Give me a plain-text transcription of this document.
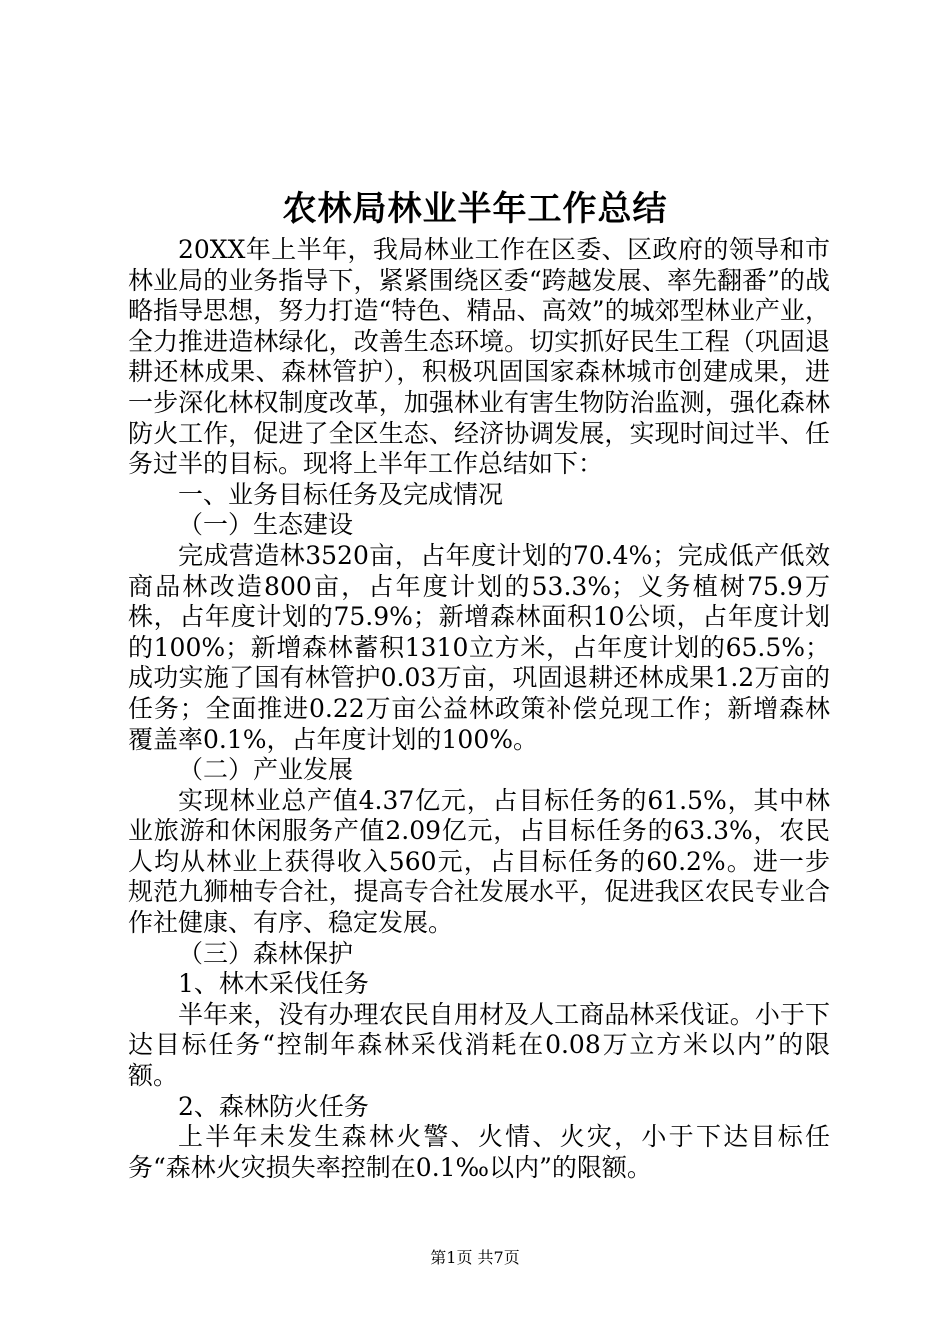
农林局林业半年工作总结

20XX年上半年，我局林业工作在区委、区政府的领导和市林业局的业务指导下，紧紧围绕区委“跨越发展、率先翻番”的战略指导思想，努力打造“特色、精品、高效”的城郊型林业产业，全力推进造林绿化，改善生态环境。切实抓好民生工程（巩固退耕还林成果、森林管护），积极巩固国家森林城市创建成果，进一步深化林权制度改革，加强林业有害生物防治监测，强化森林防火工作，促进了全区生态、经济协调发展，实现时间过半、任务过半的目标。现将上半年工作总结如下：

一、业务目标任务及完成情况

（一）生态建设

完成营造林3520亩，占年度计划的70.4%；完成低产低效商品林改造800亩，占年度计划的53.3%；义务植树75.9万株，占年度计划的75.9%；新增森林面积10公顷，占年度计划的100%；新增森林蓄积1310立方米，占年度计划的65.5%；成功实施了国有林管护0.03万亩，巩固退耕还林成果1.2万亩的任务；全面推进0.22万亩公益林政策补偿兑现工作；新增森林覆盖率0.1%，占年度计划的100%。

（二）产业发展

实现林业总产值4.37亿元，占目标任务的61.5%，其中林业旅游和休闲服务产值2.09亿元，占目标任务的63.3%，农民人均从林业上获得收入560元，占目标任务的60.2%。进一步规范九狮柚专合社，提高专合社发展水平，促进我区农民专业合作社健康、有序、稳定发展。

（三）森林保护

1、林木采伐任务

半年来，没有办理农民自用材及人工商品林采伐证。小于下达目标任务“控制年森林采伐消耗在0.08万立方米以内”的限额。

2、森林防火任务

上半年未发生森林火警、火情、火灾，小于下达目标任务“森林火灾损失率控制在0.1‰以内”的限额。

第1页 共7页
